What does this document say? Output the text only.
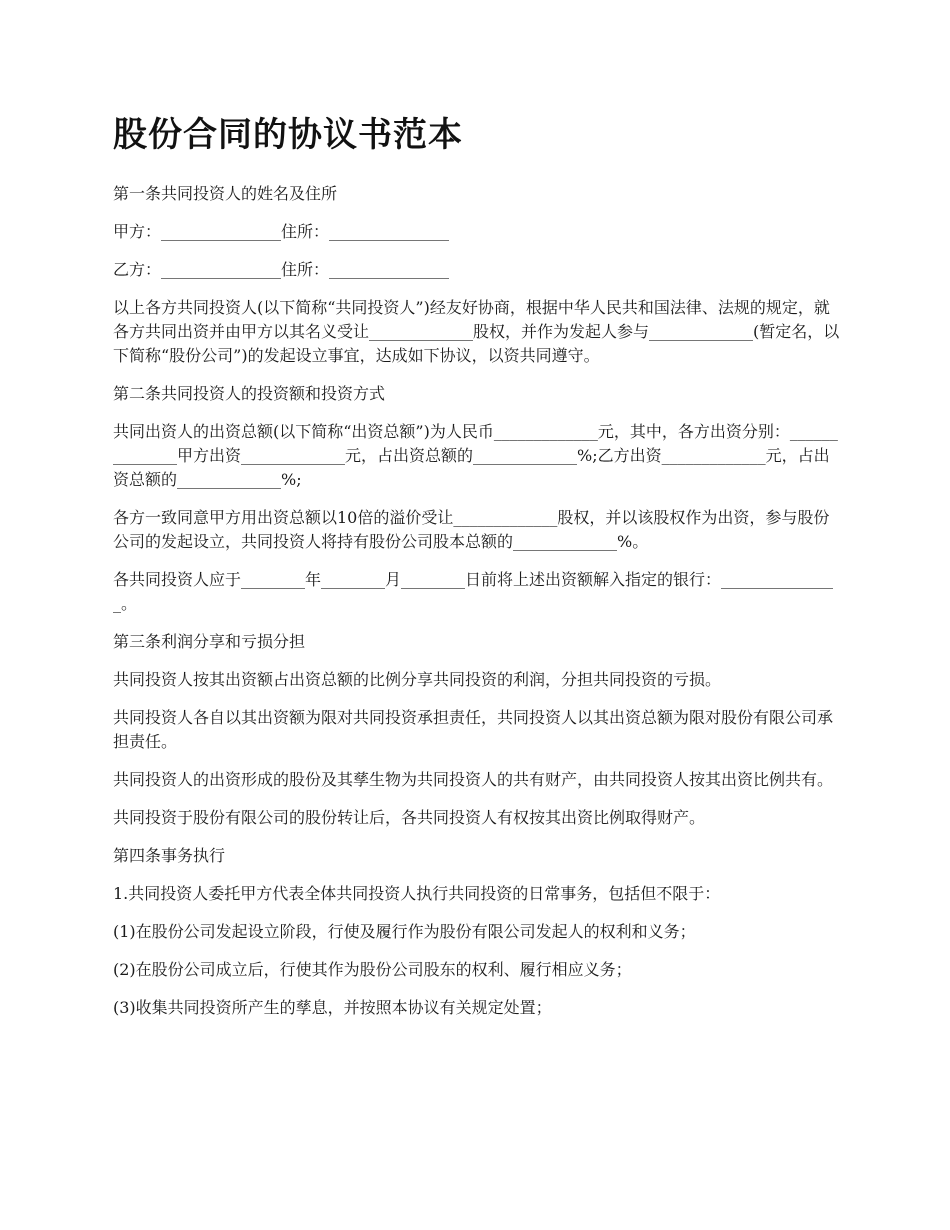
股份合同的协议书范本

第一条共同投资人的姓名及住所

甲方：_______________住所：_______________

乙方：_______________住所：_______________

以上各方共同投资人(以下简称“共同投资人”)经友好协商，根据中华人民共和国法律、法规的规定，就各方共同出资并由甲方以其名义受让_____________股权，并作为发起人参与_____________(暂定名，以下简称“股份公司”)的发起设立事宜，达成如下协议，以资共同遵守。

第二条共同投资人的投资额和投资方式

共同出资人的出资总额(以下简称“出资总额”)为人民币_____________元，其中，各方出资分别：______________甲方出资_____________元，占出资总额的_____________%;乙方出资_____________元，占出资总额的_____________%;

各方一致同意甲方用出资总额以10倍的溢价受让_____________股权，并以该股权作为出资，参与股份公司的发起设立，共同投资人将持有股份公司股本总额的_____________%。

各共同投资人应于________年________月________日前将上述出资额解入指定的银行：_______________。

第三条利润分享和亏损分担

共同投资人按其出资额占出资总额的比例分享共同投资的利润，分担共同投资的亏损。

共同投资人各自以其出资额为限对共同投资承担责任，共同投资人以其出资总额为限对股份有限公司承担责任。

共同投资人的出资形成的股份及其孳生物为共同投资人的共有财产，由共同投资人按其出资比例共有。

共同投资于股份有限公司的股份转让后，各共同投资人有权按其出资比例取得财产。

第四条事务执行

1.共同投资人委托甲方代表全体共同投资人执行共同投资的日常事务，包括但不限于：

(1)在股份公司发起设立阶段，行使及履行作为股份有限公司发起人的权利和义务；

(2)在股份公司成立后，行使其作为股份公司股东的权利、履行相应义务；

(3)收集共同投资所产生的孳息，并按照本协议有关规定处置；
